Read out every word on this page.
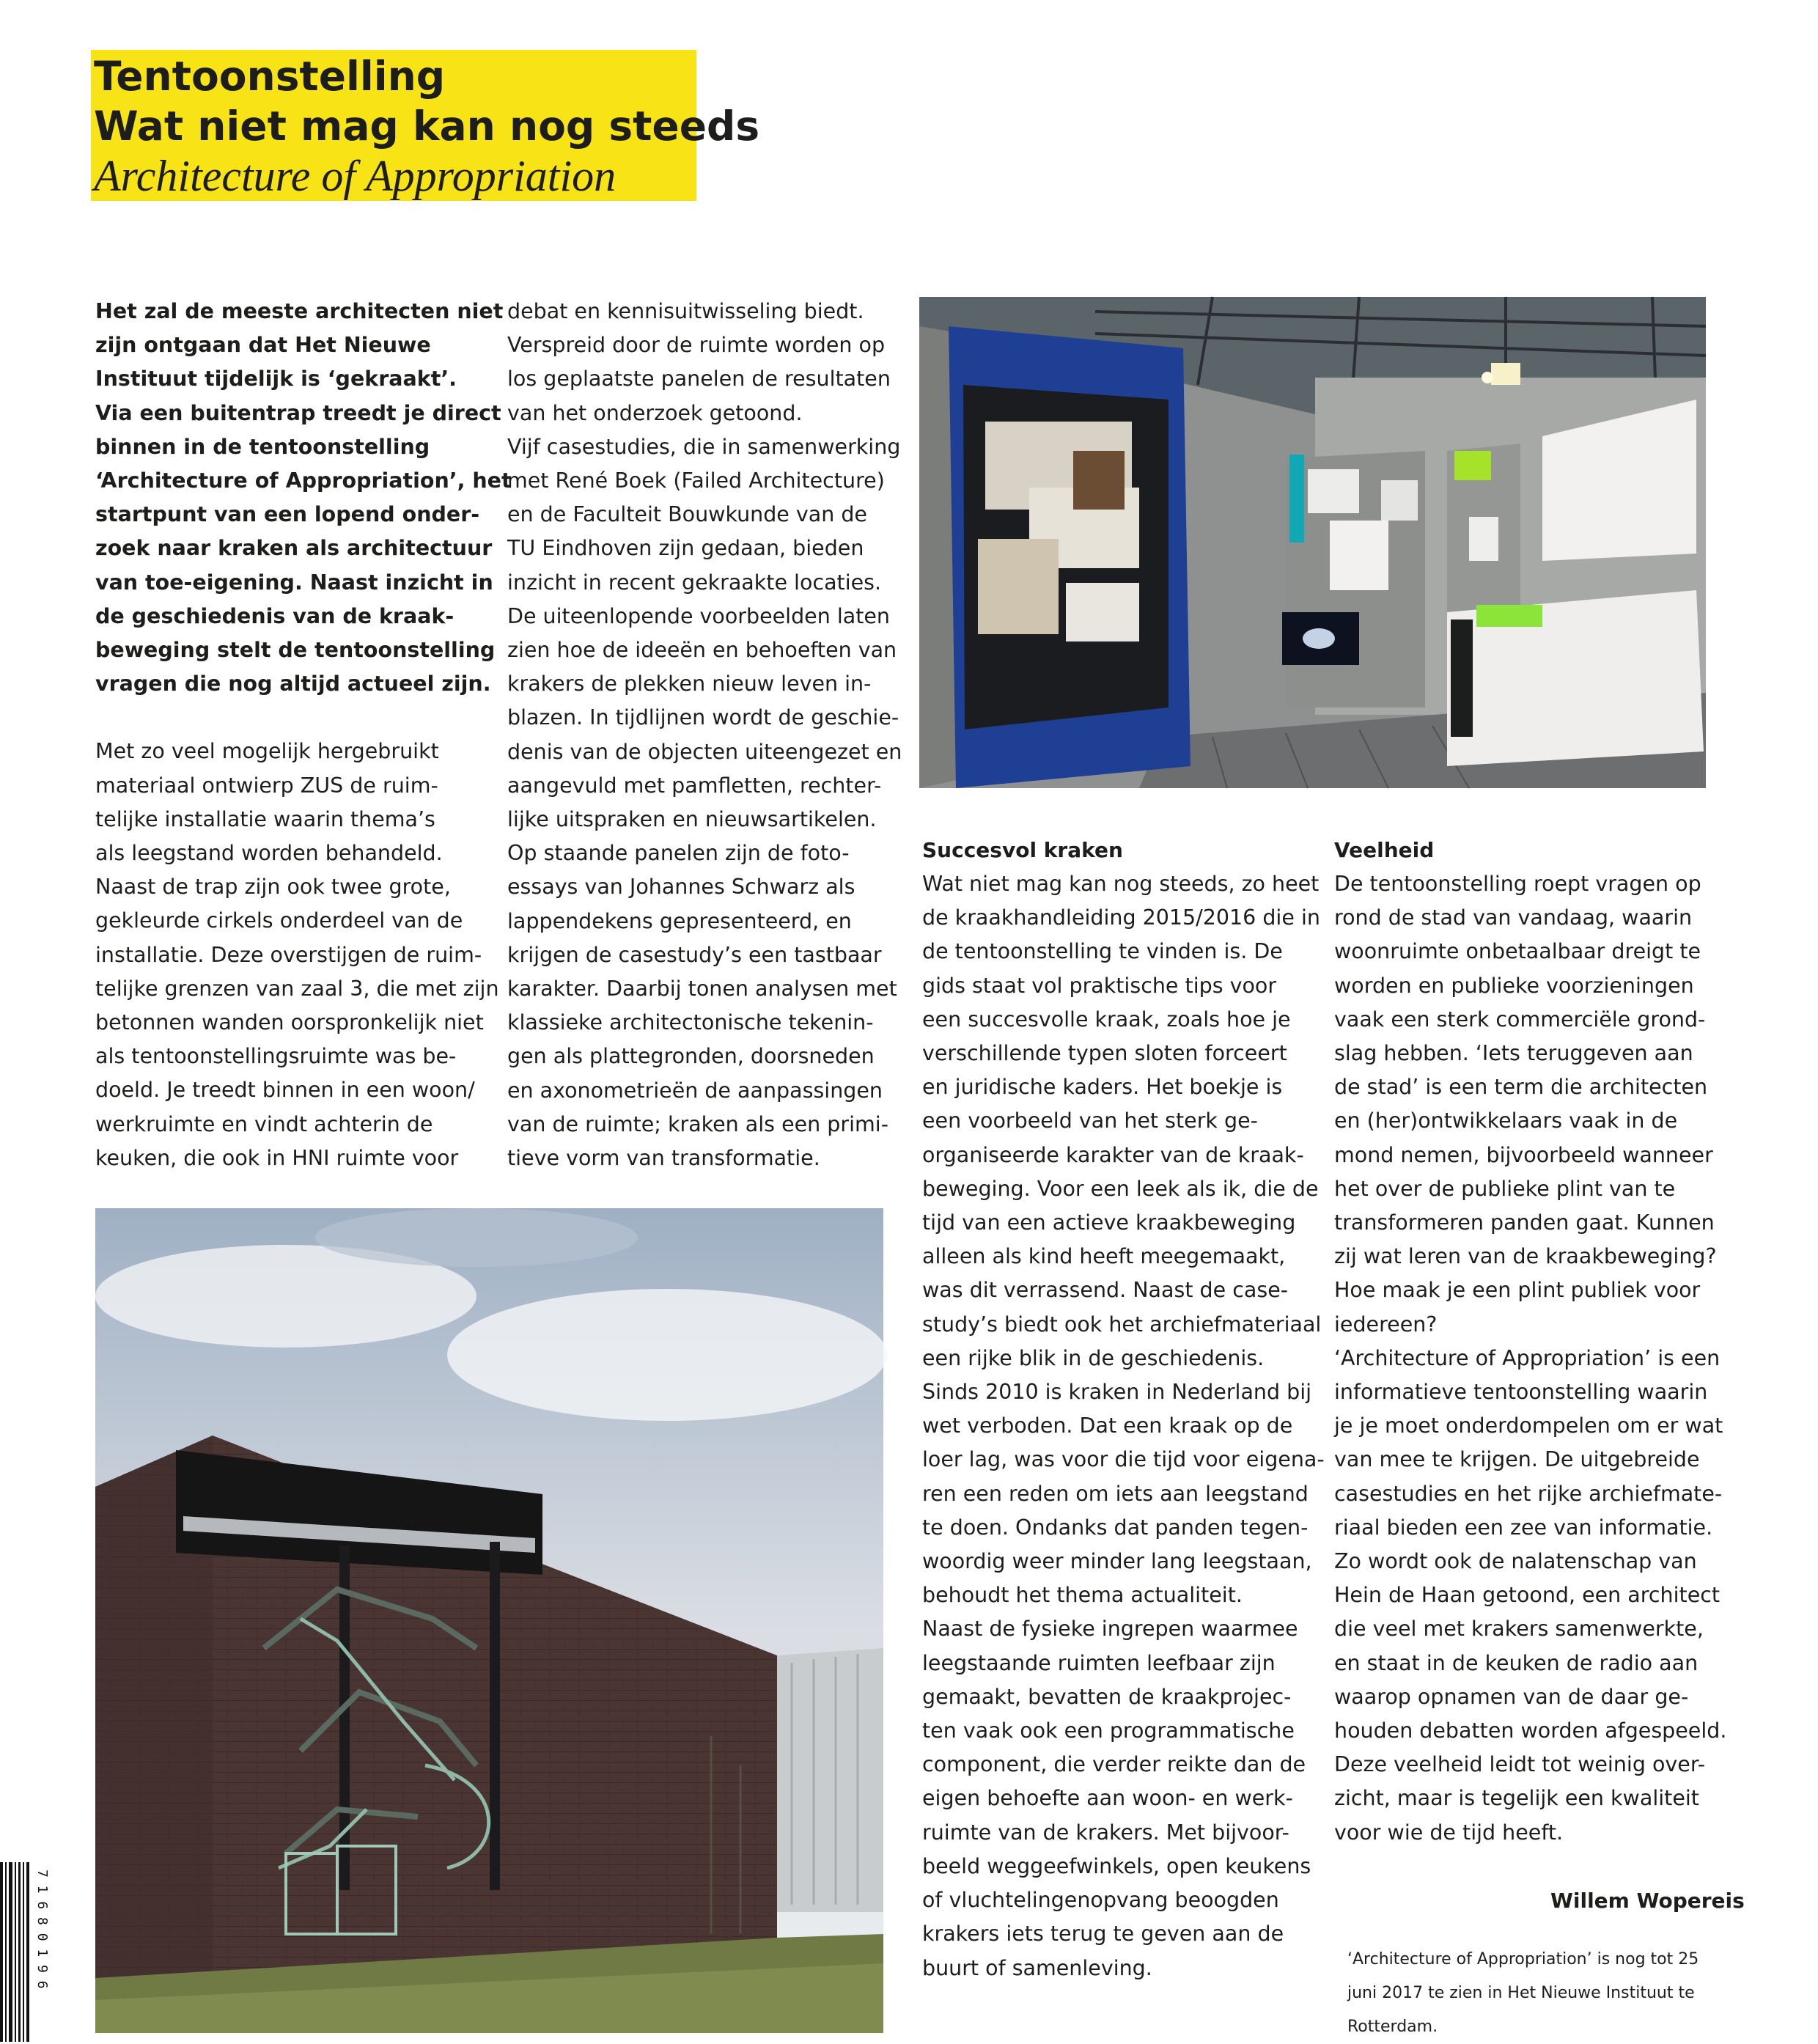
Tentoonstelling
Wat niet mag kan nog steeds
Architecture of Appropriation

Het zal de meeste architecten niet
zijn ontgaan dat Het Nieuwe
Instituut tijdelijk is ‘gekraakt’.
Via een buitentrap treedt je direct
binnen in de tentoonstelling
‘Architecture of Appropriation’, het
startpunt van een lopend onder-
zoek naar kraken als architectuur
van toe-eigening. Naast inzicht in
de geschiedenis van de kraak-
beweging stelt de tentoonstelling
vragen die nog altijd actueel zijn.

Met zo veel mogelijk hergebruikt
materiaal ontwierp ZUS de ruim-
telijke installatie waarin thema’s
als leegstand worden behandeld.
Naast de trap zijn ook twee grote,
gekleurde cirkels onderdeel van de
installatie. Deze overstijgen de ruim-
telijke grenzen van zaal 3, die met zijn
betonnen wanden oorspronkelijk niet
als tentoonstellingsruimte was be-
doeld. Je treedt binnen in een woon/
werkruimte en vindt achterin de
keuken, die ook in HNI ruimte voor

debat en kennisuitwisseling biedt.
Verspreid door de ruimte worden op
los geplaatste panelen de resultaten
van het onderzoek getoond.
Vijf casestudies, die in samenwerking
met René Boek (Failed Architecture)
en de Faculteit Bouwkunde van de
TU Eindhoven zijn gedaan, bieden
inzicht in recent gekraakte locaties.
De uiteenlopende voorbeelden laten
zien hoe de ideeën en behoeften van
krakers de plekken nieuw leven in-
blazen. In tijdlijnen wordt de geschie-
denis van de objecten uiteengezet en
aangevuld met pamfletten, rechter-
lijke uitspraken en nieuwsartikelen.
Op staande panelen zijn de foto-
essays van Johannes Schwarz als
lappendekens gepresenteerd, en
krijgen de casestudy’s een tastbaar
karakter. Daarbij tonen analysen met
klassieke architectonische tekenin-
gen als plattegronden, doorsneden
en axonometrieën de aanpassingen
van de ruimte; kraken als een primi-
tieve vorm van transformatie.

Succesvol kraken

Wat niet mag kan nog steeds, zo heet
de kraakhandleiding 2015/2016 die in
de tentoonstelling te vinden is. De
gids staat vol praktische tips voor
een succesvolle kraak, zoals hoe je
verschillende typen sloten forceert
en juridische kaders. Het boekje is
een voorbeeld van het sterk ge-
organiseerde karakter van de kraak-
beweging. Voor een leek als ik, die de
tijd van een actieve kraakbeweging
alleen als kind heeft meegemaakt,
was dit verrassend. Naast de case-
study’s biedt ook het archiefmateriaal
een rijke blik in de geschiedenis.
Sinds 2010 is kraken in Nederland bij
wet verboden. Dat een kraak op de
loer lag, was voor die tijd voor eigena-
ren een reden om iets aan leegstand
te doen. Ondanks dat panden tegen-
woordig weer minder lang leegstaan,
behoudt het thema actualiteit.
Naast de fysieke ingrepen waarmee
leegstaande ruimten leefbaar zijn
gemaakt, bevatten de kraakprojec-
ten vaak ook een programmatische
component, die verder reikte dan de
eigen behoefte aan woon- en werk-
ruimte van de krakers. Met bijvoor-
beeld weggeefwinkels, open keukens
of vluchtelingenopvang beoogden
krakers iets terug te geven aan de
buurt of samenleving.

Veelheid

De tentoonstelling roept vragen op
rond de stad van vandaag, waarin
woonruimte onbetaalbaar dreigt te
worden en publieke voorzieningen
vaak een sterk commerciële grond-
slag hebben. ‘Iets teruggeven aan
de stad’ is een term die architecten
en (her)ontwikkelaars vaak in de
mond nemen, bijvoorbeeld wanneer
het over de publieke plint van te
transformeren panden gaat. Kunnen
zij wat leren van de kraakbeweging?
Hoe maak je een plint publiek voor
iedereen?
‘Architecture of Appropriation’ is een
informatieve tentoonstelling waarin
je je moet onderdompelen om er wat
van mee te krijgen. De uitgebreide
casestudies en het rijke archiefmate-
riaal bieden een zee van informatie.
Zo wordt ook de nalatenschap van
Hein de Haan getoond, een architect
die veel met krakers samenwerkte,
en staat in de keuken de radio aan
waarop opnamen van de daar ge-
houden debatten worden afgespeeld.
Deze veelheid leidt tot weinig over-
zicht, maar is tegelijk een kwaliteit
voor wie de tijd heeft.

Willem Wopereis
‘Architecture of Appropriation’ is nog tot 25
juni 2017 te zien in Het Nieuwe Instituut te
Rotterdam.
7 1 6 8 0 1 9 6
